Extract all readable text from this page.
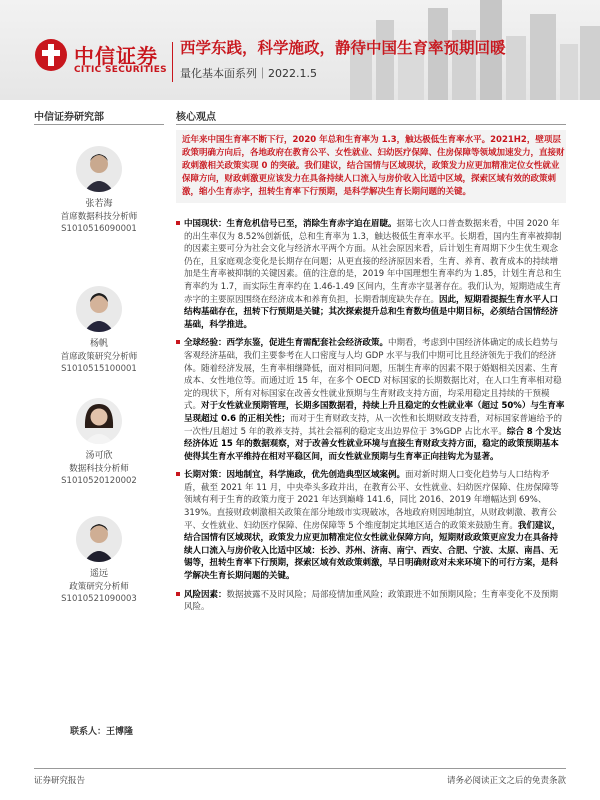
中信证券
CITIC SECURITIES
西学东践，科学施政，静待中国生育率预期回暖
量化基本面系列｜2022.1.5
中信证券研究部
张若海
首席数据科技分析师
S1010516090001
杨帆
首席政策研究分析师
S1010515100001
汤可欣
数据科技分析师
S1010520120002
遥远
政策研究分析师
S1010521090003
联系人：王博隆
核心观点
近年来中国生育率不断下行，2020 年总和生育率为 1.3，触达极低生育率水平。2021H2，壁项层政策明确方向后，各地政府在教育公平、女性就业、妇幼医疗保障、住房保障等领域加速发力，直接财政刺激相关政策实现 0 的突破。我们建议，结合国情与区域现状，政策发力应更加精准定位女性就业保障方向，财政刺激更应该发力在具备持续人口流入与房价收入比适中区域，探索区域有效的政策刺激，缩小生育赤字，扭转生育率下行预期，是科学解决生育长期问题的关键。
中国现状：生育危机信号已至，消除生育赤字迫在眉睫。据第七次人口普查数据来看，中国 2020 年的出生率仅为 8.52%创新低，总和生育率为 1.3，触达极低生育率水平。长期看，国内生育率被抑制的因素主要可分为社会文化与经济水平两个方面。从社会原因来看，后计划生育周期下少生优生观念仍在，且家庭观念变化是长期存在问题；从更直接的经济原因来看，生育、养育、教育成本的持续增加是生育率被抑制的关键因素。值的注意的是，2019 年中国理想生育率约为 1.85，计划生育总和生育率约为 1.7，而实际生育率约在 1.46-1.49 区间内，生育赤字显著存在。我们认为，短期造成生育赤字的主要原因围绕在经济成本和养育负担，长期看制度缺失存在。因此，短期看提振生育水平人口结构基础存在，扭转下行预期是关键；其次探索提升总和生育数均值是中期目标，必须结合国情经济基础，科学推进。
全球经验：西学东鉴，促进生育需配套社会经济政策。中期看，考虑到中国经济体确定的成长趋势与客观经济基础，我们主要参考在人口密度与人均 GDP 水平与我们中期可比且经济领先于我们的经济体。随着经济发展，生育率相继降低，面对相同问题，压制生育率的因素不限于婚姻相关因素、生育成本、女性地位等。而通过近 15 年，在多个 OECD 对标国家的长期数据比对，在人口生育率相对稳定的现状下，所有对标国家在改善女性就业预期与生育财政支持方面，均采用稳定且持续的干预模式。对于女性就业预期管理，长期多国数据看，持续上升且稳定的女性就业率（超过 50%）与生育率呈现超过 0.6 的正相关性；而对于生育财政支持，从一次性和长期财政支持看，对标国家普遍给予的一次性/且超过 5 年的教养支持，其社会福利的稳定支出边界位于 3%GDP 占比水平。综合 8 个发达经济体近 15 年的数据观察，对于改善女性就业环境与直接生育财政支持方面，稳定的政策预期基本使得其生育水平维持在相对平稳区间，而女性就业预期与生育率正向挂钩尤为显著。
长期对策：因地制宜，科学施政，优先创造典型区域案例。面对新时期人口变化趋势与人口结构矛盾，截至 2021 年 11 月，中央牵头多政并出，在教育公平、女性就业、妇幼医疗保障、住房保障等领域有利于生育的政策力度于 2021 年达到巅峰 141.6，同比 2016、2019 年增幅达到 69%、319%。直接财政刺激相关政策在部分地级市实现破冰，各地政府则因地制宜，从财政刺激、教育公平、女性就业、妇幼医疗保障、住房保障等 5 个维度制定其地区适合的政策来鼓励生育。我们建议，结合国情有区域现状，政策发力应更加精准定位女性就业保障方向，短期财政政策更应发力在具备持续人口流入与房价收入比适中区域：长沙、苏州、济南、南宁、西安、合肥、宁波、太原、南昌、无锡等，扭转生育率下行预期，探索区域有效政策刺激，早日明确财政对未来环境下的可行方案，是科学解决生育长期问题的关键。
风险因素：数据披露不及时风险；局部疫情加重风险；政策跟进不如预期风险；生育率变化不及预期风险。
证券研究报告	请务必阅读正文之后的免责条款
